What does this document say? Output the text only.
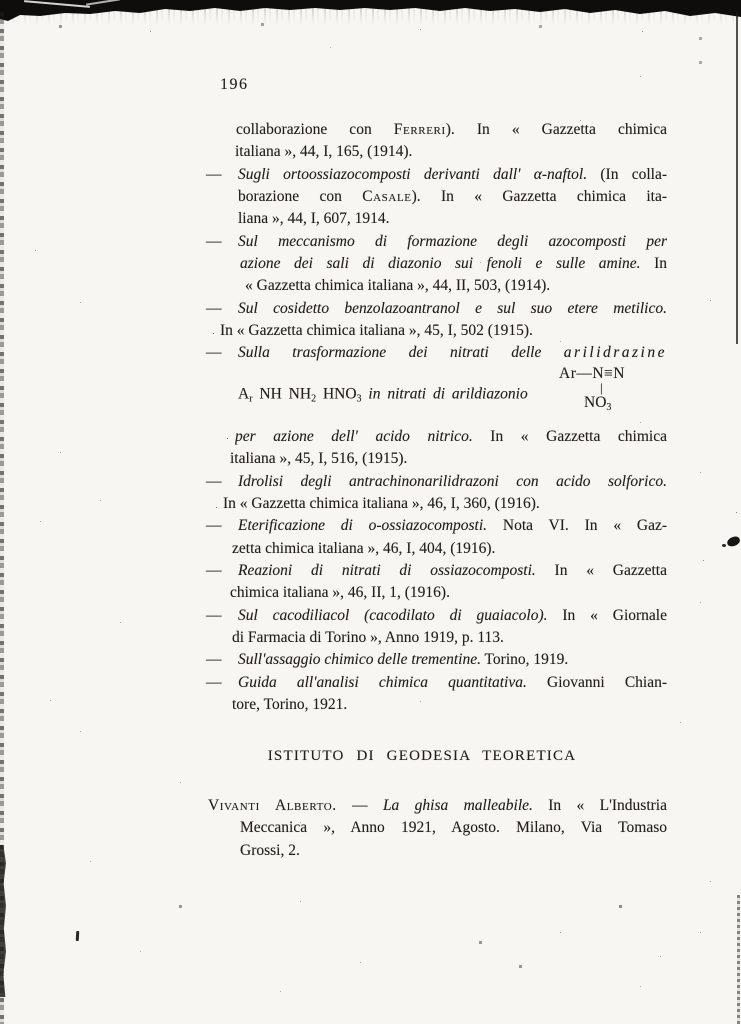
196
collaborazione con Ferreri). In « Gazzetta chimica
italiana », 44, I, 165, (1914).
— Sugli ortoossiazocomposti derivanti dall' α-naftol. (In colla-
borazione con Casale). In « Gazzetta chimica ita-
liana », 44, I, 607, 1914.
— Sul meccanismo di formazione degli azocomposti per
azione dei sali di diazonio sui fenoli e sulle amine. In
« Gazzetta chimica italiana », 44, II, 503, (1914).
— Sul cosidetto benzolazoantranol e sul suo etere metilico.
In « Gazzetta chimica italiana », 45, I, 502 (1915).
— Sulla trasformazione dei nitrati delle arilidrazine
$A_r$ NH $NH_2$ $HNO_3$ in nitrati di arildiazonio
Ar—N≡N
|
$NO_3$
per azione dell' acido nitrico. In « Gazzetta chimica
italiana », 45, I, 516, (1915).
— Idrolisi degli antrachinonarilidrazoni con acido solforico.
In « Gazzetta chimica italiana », 46, I, 360, (1916).
— Eterificazione di o-ossiazocomposti. Nota VI. In « Gaz-
zetta chimica italiana », 46, I, 404, (1916).
— Reazioni di nitrati di ossiazocomposti. In « Gazzetta
chimica italiana », 46, II, 1, (1916).
— Sul cacodiliacol (cacodilato di guaiacolo). In « Giornale
di Farmacia di Torino », Anno 1919, p. 113.
— Sull'assaggio chimico delle trementine. Torino, 1919.
— Guida all'analisi chimica quantitativa. Giovanni Chian-
tore, Torino, 1921.
ISTITUTO DI GEODESIA TEORETICA
Vivanti Alberto. — La ghisa malleabile. In « L'Industria
Meccanica », Anno 1921, Agosto. Milano, Via Tomaso
Grossi, 2.
